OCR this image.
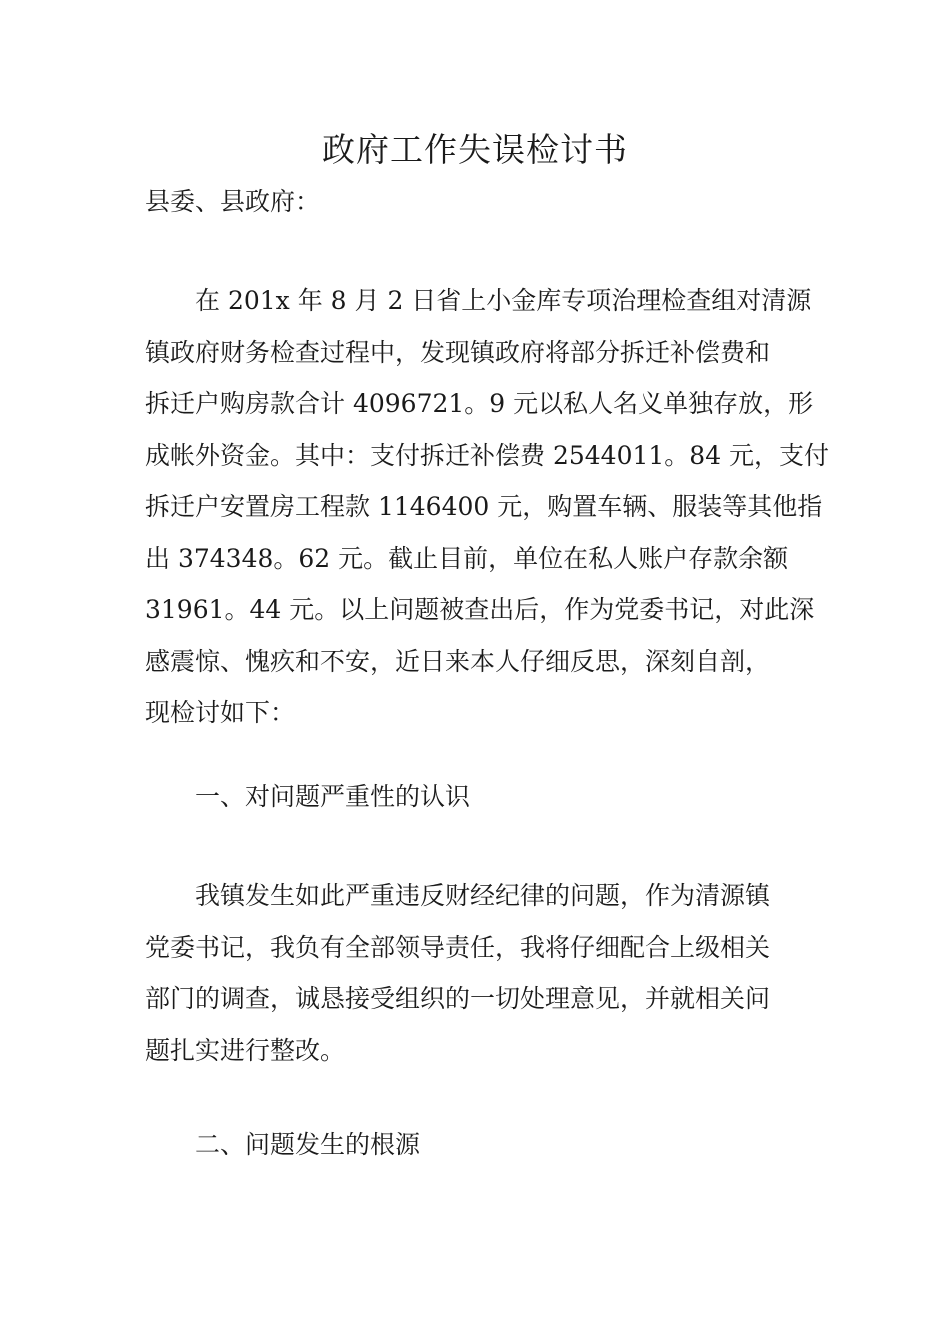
政府工作失误检讨书
县委、县政府：
　　在 201x 年 8 月 2 日省上小金库专项治理检查组对清源
镇政府财务检查过程中，发现镇政府将部分拆迁补偿费和
拆迁户购房款合计 4096721。9 元以私人名义单独存放，形
成帐外资金。其中：支付拆迁补偿费 2544011。84 元，支付
拆迁户安置房工程款 1146400 元，购置车辆、服装等其他指
出 374348。62 元。截止目前，单位在私人账户存款余额
31961。44 元。以上问题被查出后，作为党委书记，对此深
感震惊、愧疚和不安，近日来本人仔细反思，深刻自剖，
现检讨如下：
一、对问题严重性的认识
　　我镇发生如此严重违反财经纪律的问题，作为清源镇
党委书记，我负有全部领导责任，我将仔细配合上级相关
部门的调查，诚恳接受组织的一切处理意见，并就相关问
题扎实进行整改。
二、问题发生的根源
